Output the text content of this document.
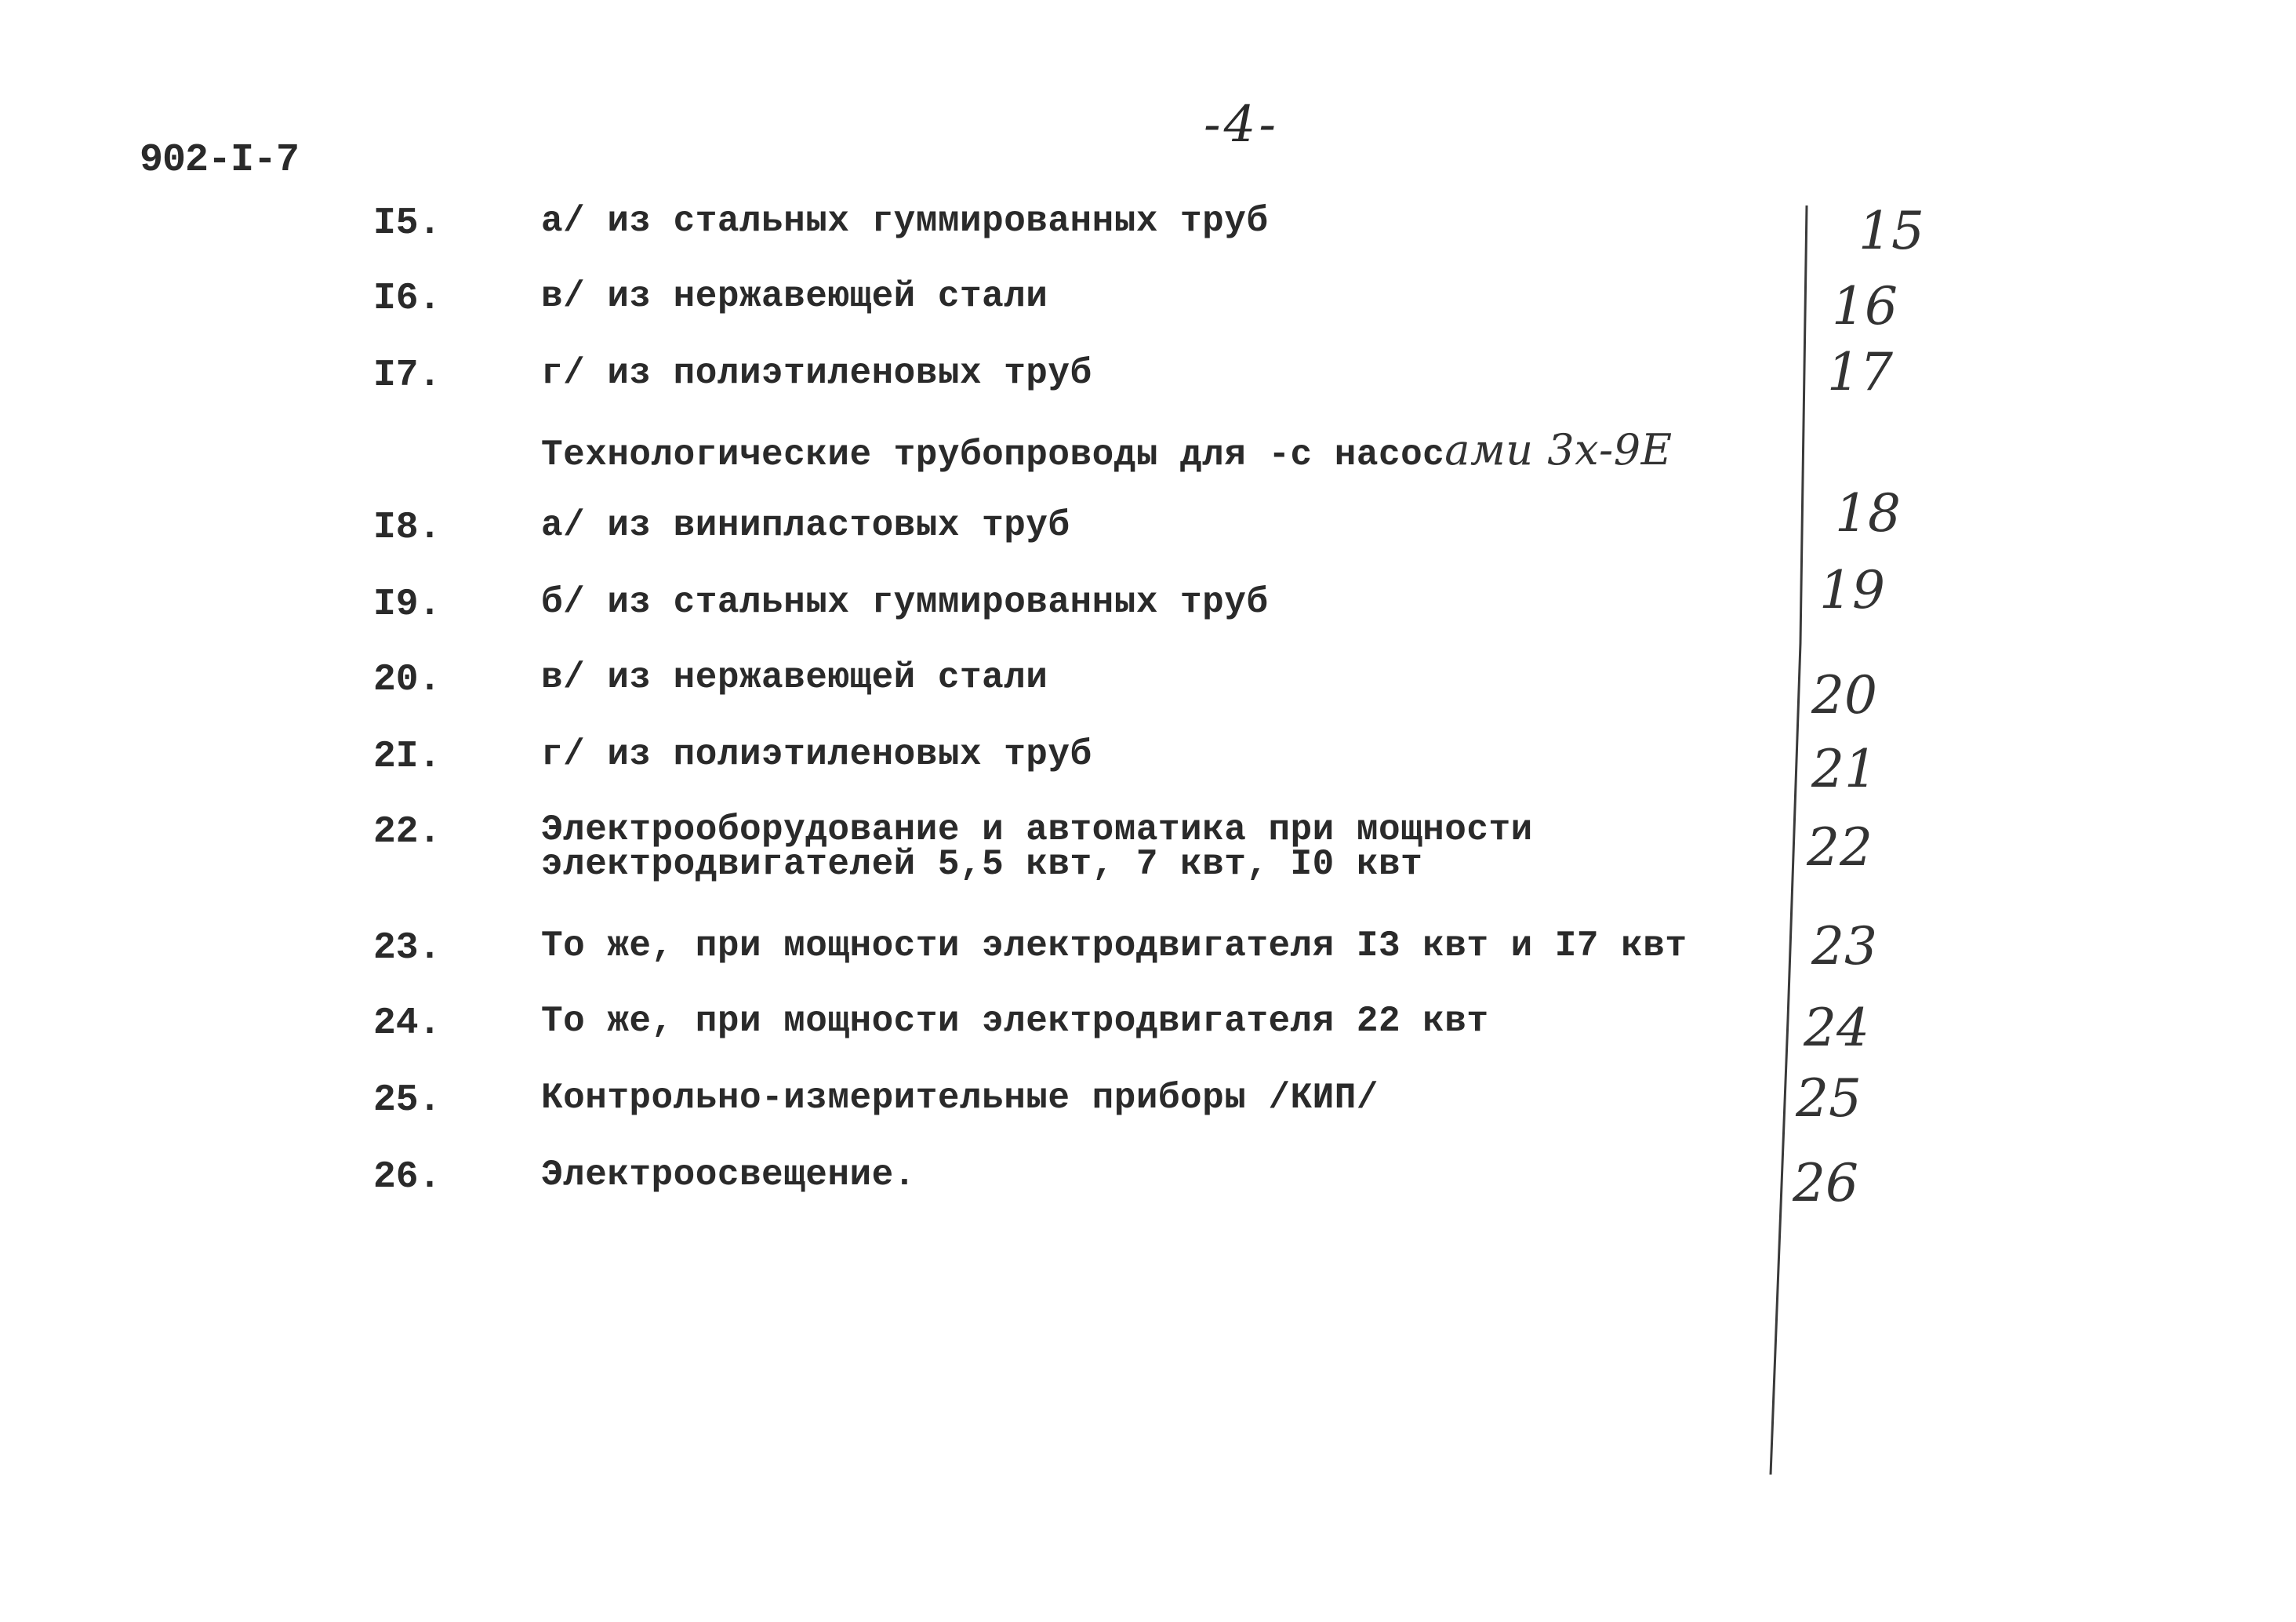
902-I-7
-4-
I5.	а/ из стальных гуммированных труб	15
I6.	в/ из нержавеющей стали	16
I7.	г/ из полиэтиленовых труб	17
Технологические трубопроводы для -с насосами 3х-9Е
I8.	а/ из винипластовых труб	18
I9.	б/ из стальных гуммированных труб	19
20.	в/ из нержавеющей стали	20
2I.	г/ из полиэтиленовых труб	21
22.	Электрооборудование и автоматика при мощности
электродвигателей 5,5 квт, 7 квт, I0 квт	22
23.	То же, при мощности электродвигателя I3 квт и I7 квт 23
24.	То же, при мощности электродвигателя 22 квт	24
25.	Контрольно-измерительные приборы /КИП/	25
26.	Электроосвещение.	26
